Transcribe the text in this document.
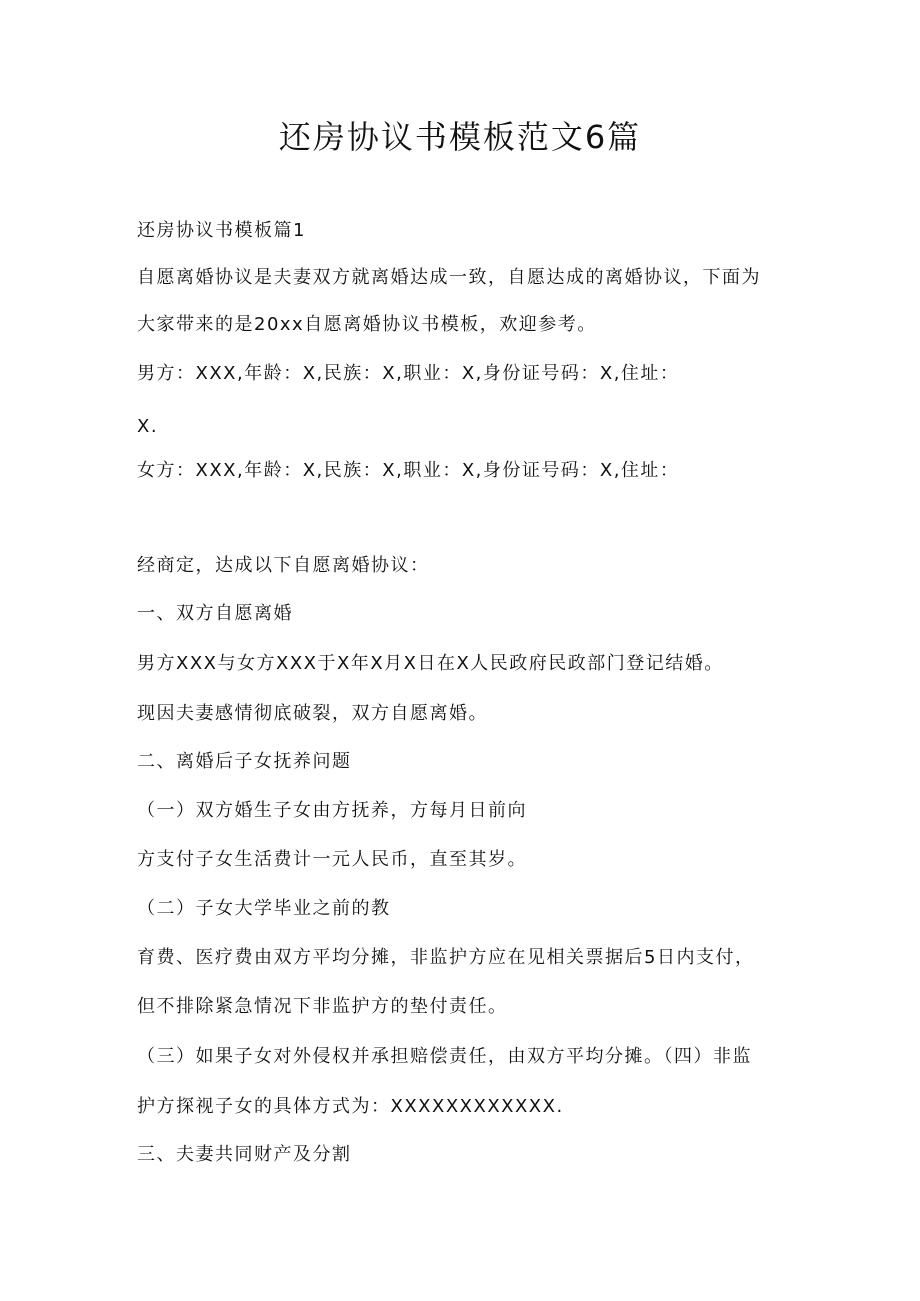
还房协议书模板范文6篇
还房协议书模板篇1
自愿离婚协议是夫妻双方就离婚达成一致，自愿达成的离婚协议，下面为
大家带来的是20xx自愿离婚协议书模板，欢迎参考。
男方：XXX,年龄：X,民族：X,职业：X,身份证号码：X,住址：
X.
女方：XXX,年龄：X,民族：X,职业：X,身份证号码：X,住址：
经商定，达成以下自愿离婚协议：
一、双方自愿离婚
男方XXX与女方XXX于X年X月X日在X人民政府民政部门登记结婚。
现因夫妻感情彻底破裂，双方自愿离婚。
二、离婚后子女抚养问题
（一）双方婚生子女由方抚养，方每月日前向
方支付子女生活费计一元人民币，直至其岁。
（二）子女大学毕业之前的教
育费、医疗费由双方平均分摊，非监护方应在见相关票据后5日内支付，
但不排除紧急情况下非监护方的垫付责任。
（三）如果子女对外侵权并承担赔偿责任，由双方平均分摊。（四）非监
护方探视子女的具体方式为：XXXXXXXXXXXX.
三、夫妻共同财产及分割
